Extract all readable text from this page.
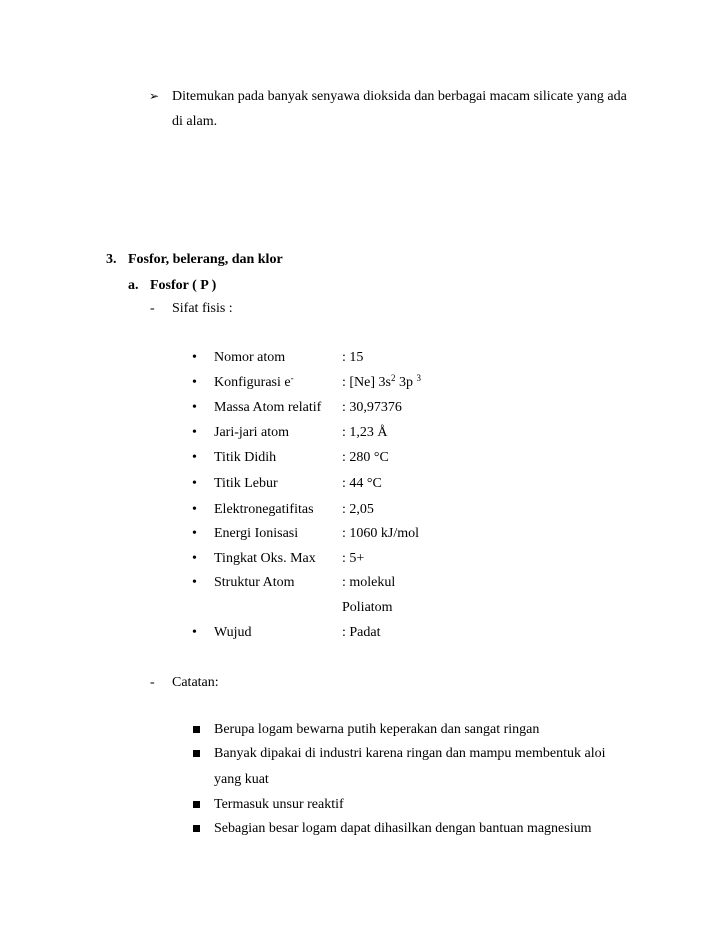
➢ Ditemukan pada banyak senyawa dioksida dan berbagai macam silicate yang ada
di alam.
3. Fosfor, belerang, dan klor
a. Fosfor ( P )
- Sifat fisis :
• Nomor atom	: 15
• Konfigurasi e-	: [Ne] $3s^2$ 3p $^3$
• Massa Atom relatif : 30,97376
• Jari-jari atom	: 1,23 Å
• Titik Didih	: 280 °C
• Titik Lebur	: 44 °C
• Elektronegatifitas : 2,05
• Energi Ionisasi	: 1060 kJ/mol
• Tingkat Oks. Max : 5+
• Struktur Atom	: molekul
Poliatom
• Wujud	: Padat
- Catatan:
Berupa logam bewarna putih keperakan dan sangat ringan
Banyak dipakai di industri karena ringan dan mampu membentuk aloi
yang kuat
Termasuk unsur reaktif
Sebagian besar logam dapat dihasilkan dengan bantuan magnesium
